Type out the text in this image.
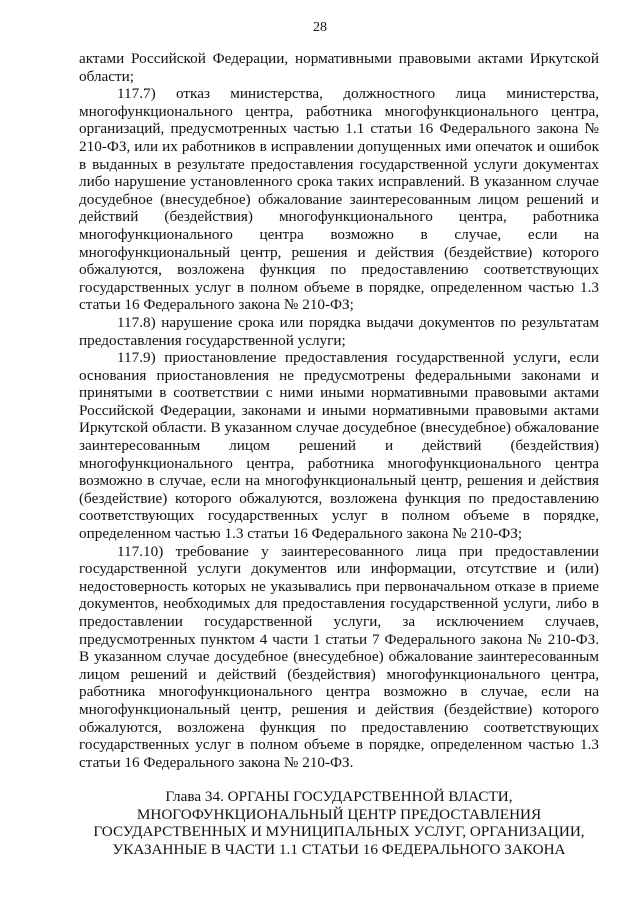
28

актами Российской Федерации, нормативными правовыми актами Иркутской области;

117.7) отказ министерства, должностного лица министерства, многофункционального центра, работника многофункционального центра, организаций, предусмотренных частью 1.1 статьи 16 Федерального закона № 210-ФЗ, или их работников в исправлении допущенных ими опечаток и ошибок в выданных в результате предоставления государственной услуги документах либо нарушение установленного срока таких исправлений. В указанном случае досудебное (внесудебное) обжалование заинтересованным лицом решений и действий (бездействия) многофункционального центра, работника многофункционального центра возможно в случае, если на многофункциональный центр, решения и действия (бездействие) которого обжалуются, возложена функция по предоставлению соответствующих государственных услуг в полном объеме в порядке, определенном частью 1.3 статьи 16 Федерального закона № 210-ФЗ;

117.8) нарушение срока или порядка выдачи документов по результатам предоставления государственной услуги;

117.9) приостановление предоставления государственной услуги, если основания приостановления не предусмотрены федеральными законами и принятыми в соответствии с ними иными нормативными правовыми актами Российской Федерации, законами и иными нормативными правовыми актами Иркутской области. В указанном случае досудебное (внесудебное) обжалование заинтересованным лицом решений и действий (бездействия) многофункционального центра, работника многофункционального центра возможно в случае, если на многофункциональный центр, решения и действия (бездействие) которого обжалуются, возложена функция по предоставлению соответствующих государственных услуг в полном объеме в порядке, определенном частью 1.3 статьи 16 Федерального закона № 210-ФЗ;

117.10) требование у заинтересованного лица при предоставлении государственной услуги документов или информации, отсутствие и (или) недостоверность которых не указывались при первоначальном отказе в приеме документов, необходимых для предоставления государственной услуги, либо в предоставлении государственной услуги, за исключением случаев, предусмотренных пунктом 4 части 1 статьи 7 Федерального закона № 210-ФЗ. В указанном случае досудебное (внесудебное) обжалование заинтересованным лицом решений и действий (бездействия) многофункционального центра, работника многофункционального центра возможно в случае, если на многофункциональный центр, решения и действия (бездействие) которого обжалуются, возложена функция по предоставлению соответствующих государственных услуг в полном объеме в порядке, определенном частью 1.3 статьи 16 Федерального закона № 210-ФЗ.

Глава 34. ОРГАНЫ ГОСУДАРСТВЕННОЙ ВЛАСТИ,
МНОГОФУНКЦИОНАЛЬНЫЙ ЦЕНТР ПРЕДОСТАВЛЕНИЯ
ГОСУДАРСТВЕННЫХ И МУНИЦИПАЛЬНЫХ УСЛУГ, ОРГАНИЗАЦИИ,
УКАЗАННЫЕ В ЧАСТИ 1.1 СТАТЬИ 16 ФЕДЕРАЛЬНОГО ЗАКОНА
